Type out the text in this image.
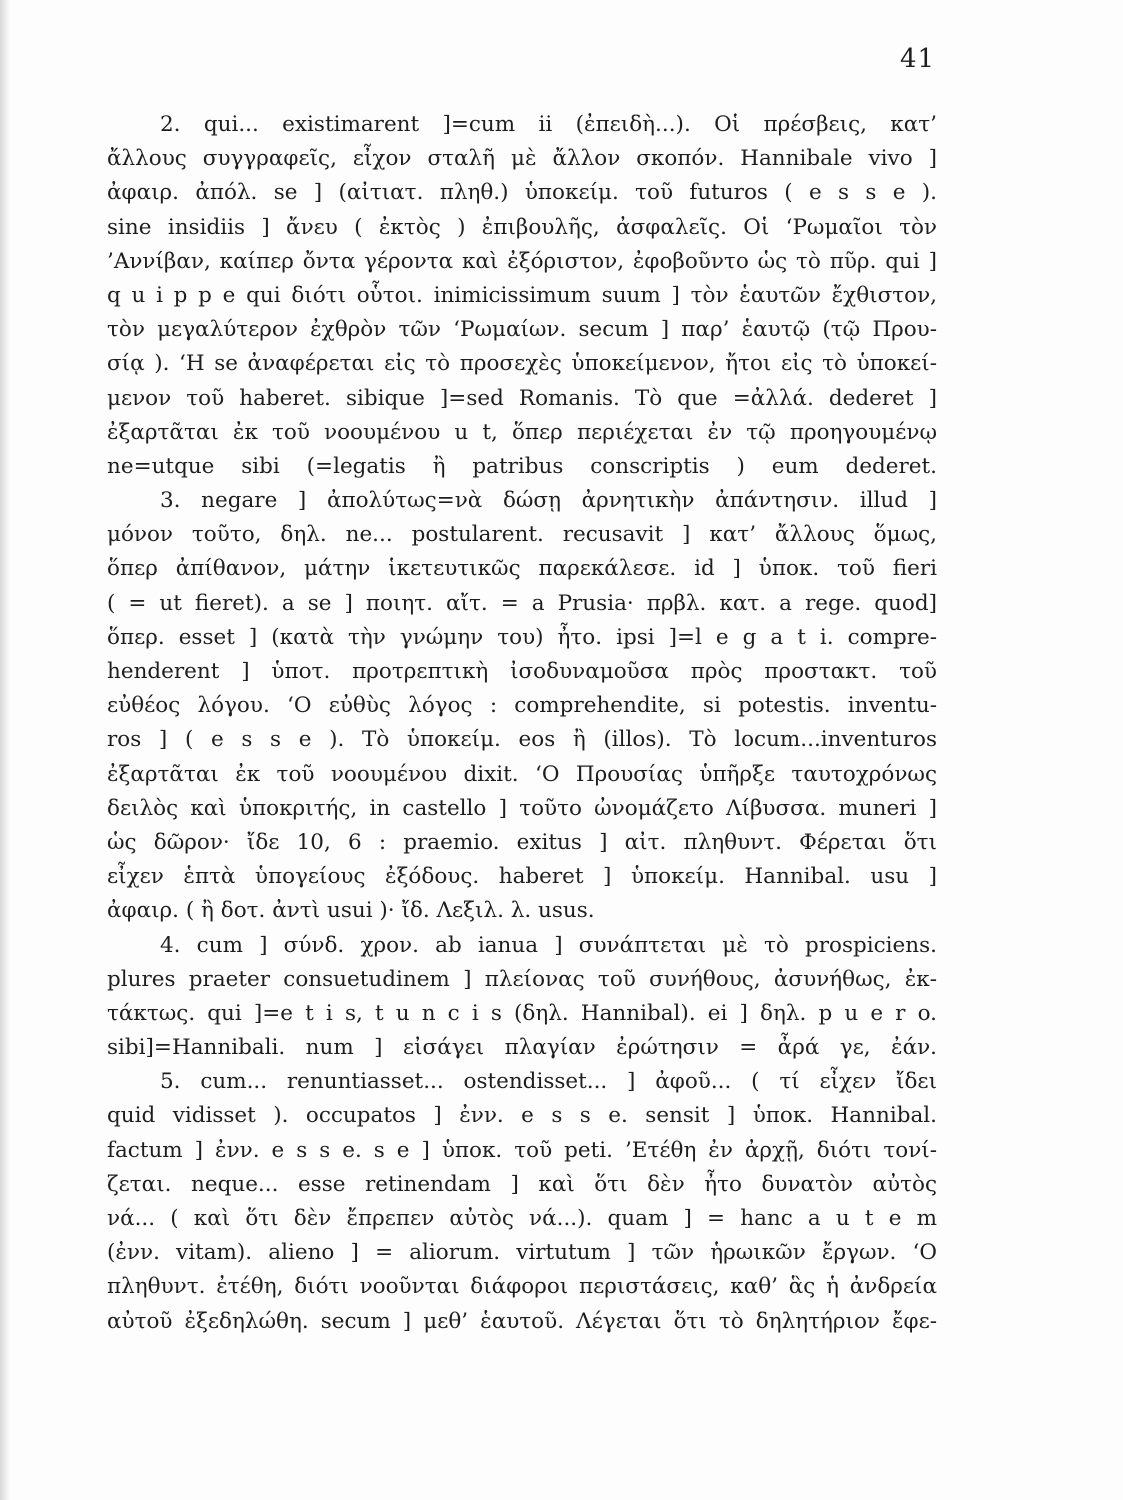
41
2. qui... existimarent ]=cum ii (ἐπειδὴ...). Οἱ πρέσβεις, κατ’
ἄλλους συγγραφεῖς, εἶχον σταλῆ μὲ ἄλλον σκοπόν. Hannibale vivo ]
ἀφαιρ. ἀπόλ. se ] (αἰτιατ. πληθ.) ὑποκείμ. τοῦ futuros ( e s s e ).
sine insidiis ] ἄνευ ( ἐκτὸς ) ἐπιβουλῆς, ἀσφαλεῖς. Οἱ ‘Ρωμαῖοι τὸν
’Αννίβαν, καίπερ ὄντα γέροντα καὶ ἐξόριστον, ἐφοβοῦντο ὡς τὸ πῦρ. qui ]
q u i p p e qui διότι οὗτοι. inimicissimum suum ] τὸν ἑαυτῶν ἔχθιστον,
τὸν μεγαλύτερον ἐχθρὸν τῶν ‘Ρωμαίων. secum ] παρ’ ἑαυτῷ (τῷ Πρου-
σίᾳ ). ‘Η se ἀναφέρεται εἰς τὸ προσεχὲς ὑποκείμενον, ἤτοι εἰς τὸ ὑποκεί-
μενον τοῦ haberet. sibique ]=sed Romanis. Τὸ que =ἀλλά. dederet ]
ἐξαρτᾶται ἐκ τοῦ νοουμένου u t, ὅπερ περιέχεται ἐν τῷ προηγουμένῳ
ne=utque sibi (=legatis ἢ patribus conscriptis ) eum dederet.
3. negare ] ἀπολύτως=νὰ δώσῃ ἀρνητικὴν ἀπάντησιν. illud ]
μόνον τοῦτο, δηλ. ne... postularent. recusavit ] κατ’ ἄλλους ὅμως,
ὅπερ ἀπίθανον, μάτην ἱκετευτικῶς παρεκάλεσε. id ] ὑποκ. τοῦ fieri
( = ut fieret). a se ] ποιητ. αἴτ. = a Prusia· πρβλ. κατ. a rege. quod]
ὅπερ. esset ] (κατὰ τὴν γνώμην του) ἦτο. ipsi ]=l e g a t i. compre-
henderent ] ὑποτ. προτρεπτικὴ ἰσοδυναμοῦσα πρὸς προστακτ. τοῦ
εὐθέος λόγου. ‘Ο εὐθὺς λόγος : comprehendite, si potestis. inventu-
ros ] ( e s s e ). Τὸ ὑποκείμ. eos ἢ (illos). Τὸ locum...inventuros
ἐξαρτᾶται ἐκ τοῦ νοουμένου dixit. ‘Ο Προυσίας ὑπῆρξε ταυτοχρόνως
δειλὸς καὶ ὑποκριτής, in castello ] τοῦτο ὠνομάζετο Λίβυσσα. muneri ]
ὡς δῶρον· ἴδε 10, 6 : praemio. exitus ] αἰτ. πληθυντ. Φέρεται ὅτι
εἶχεν ἑπτὰ ὑπογείους ἐξόδους. haberet ] ὑποκείμ. Hannibal. usu ]
ἀφαιρ. ( ἢ δοτ. ἀντὶ usui )· ἴδ. Λεξιλ. λ. usus.
4. cum ] σύνδ. χρον. ab ianua ] συνάπτεται μὲ τὸ prospiciens.
plures praeter consuetudinem ] πλείονας τοῦ συνήθους, ἀσυνήθως, ἐκ-
τάκτως. qui ]=e t i s, t u n c i s (δηλ. Hannibal). ei ] δηλ. p u e r o.
sibi]=Hannibali. num ] εἰσάγει πλαγίαν ἐρώτησιν = ἆρά γε, ἐάν.
5. cum... renuntiasset... ostendisset... ] ἀφοῦ... ( τί εἶχεν ἴδει
quid vidisset ). occupatos ] ἐνν. e s s e. sensit ] ὑποκ. Hannibal.
factum ] ἐνν. e s s e. s e ] ὑποκ. τοῦ peti. ’Ετέθη ἐν ἀρχῇ, διότι τονί-
ζεται. neque... esse retinendam ] καὶ ὅτι δὲν ἦτο δυνατὸν αὐτὸς
νά... ( καὶ ὅτι δὲν ἔπρεπεν αὐτὸς νά...). quam ] = hanc a u t e m
(ἐνν. vitam). alieno ] = aliorum. virtutum ] τῶν ἡρωικῶν ἔργων. ‘Ο
πληθυντ. ἐτέθη, διότι νοοῦνται διάφοροι περιστάσεις, καθ’ ἃς ἡ ἀνδρεία
αὐτοῦ ἐξεδηλώθη. secum ] μεθ’ ἑαυτοῦ. Λέγεται ὅτι τὸ δηλητήριον ἔφε-
